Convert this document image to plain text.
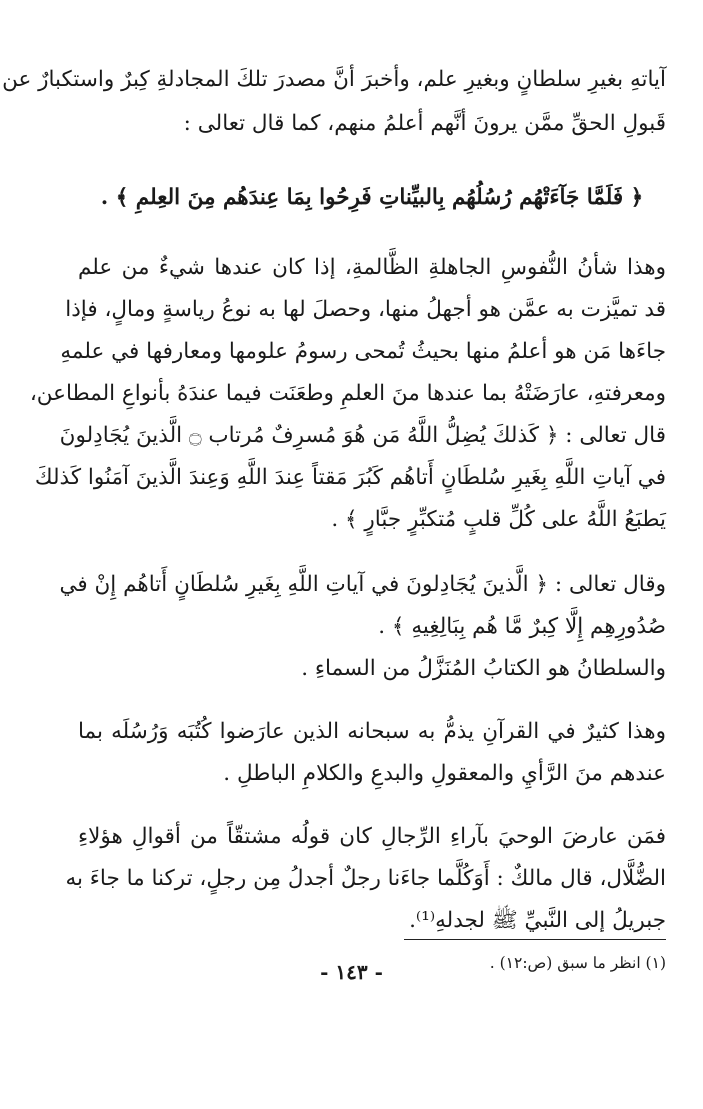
آياتهِ بغيرِ سلطانٍ وبغيرِ علم، وأخبرَ أنَّ مصدرَ تلكَ المجادلةِ كِبرٌ واستكبارٌ عن
قَبولِ الحقِّ ممَّن يرونَ أنَّهم أعلمُ منهم، كما قال تعالى :
﴿ فَلَمَّا جَآءَتْهُم رُسُلُهُم بِالبيِّناتِ فَرِحُوا بِمَا عِندَهُم مِنَ العِلمِ ﴾ .
وهذا شأنُ النُّفوسِ الجاهلةِ الظَّالمةِ، إذا كان عندها شيءٌ من علم
قد تميَّزت به عمَّن هو أجهلُ منها، وحصلَ لها به نوعُ رياسةٍ ومالٍ، فإذا
جاءَها مَن هو أعلمُ منها بحيثُ تُمحى رسومُ علومها ومعارفها في علمهِ
ومعرفتهِ، عارَضَتْهُ بما عندها منَ العلمِ وطعَنَت فيما عندَهُ بأنواعِ المطاعن،
قال تعالى : ﴿ كَذلكَ يُضِلُّ اللَّهُ مَن هُوَ مُسرِفٌ مُرتاب ۝ الَّذينَ يُجَادِلونَ
في آياتِ اللَّهِ بِغَيرِ سُلطَانٍ أَتاهُم كَبُرَ مَقتاً عِندَ اللَّهِ وَعِندَ الَّذينَ آمَنُوا كَذلكَ
يَطبَعُ اللَّهُ على كُلِّ قلبٍ مُتكبِّرٍ جبَّارٍ ﴾ .
وقال تعالى : ﴿ الَّذينَ يُجَادِلونَ في آياتِ اللَّهِ بِغَيرِ سُلطَانٍ أَتاهُم إِنْ في
صُدُورِهِم إِلَّا كِبرٌ مَّا هُم بِبَالِغِيهِ ﴾ .
والسلطانُ هو الكتابُ المُنَزَّلُ من السماءِ .
وهذا كثيرٌ في القرآنِ يذمُّ به سبحانه الذين عارَضوا كُتُبَه وَرُسُلَه بما
عندهم منَ الرَّأيِ والمعقولِ والبدعِ والكلامِ الباطلِ .
فمَن عارضَ الوحيَ بآراءِ الرِّجالِ كان قولُه مشتقّاً من أقوالِ هؤلاءِ
الضُّلَّال، قال مالكٌ : أَوَكُلَّما جاءَنا رجلٌ أجدلُ مِن رجلٍ، تركنا ما جاءَ به
جبريلُ إلى النَّبيِّ ﷺ لجدلهِ⁽¹⁾.
(١) انظر ما سبق (ص:١٢) .
- ١٤٣ -
